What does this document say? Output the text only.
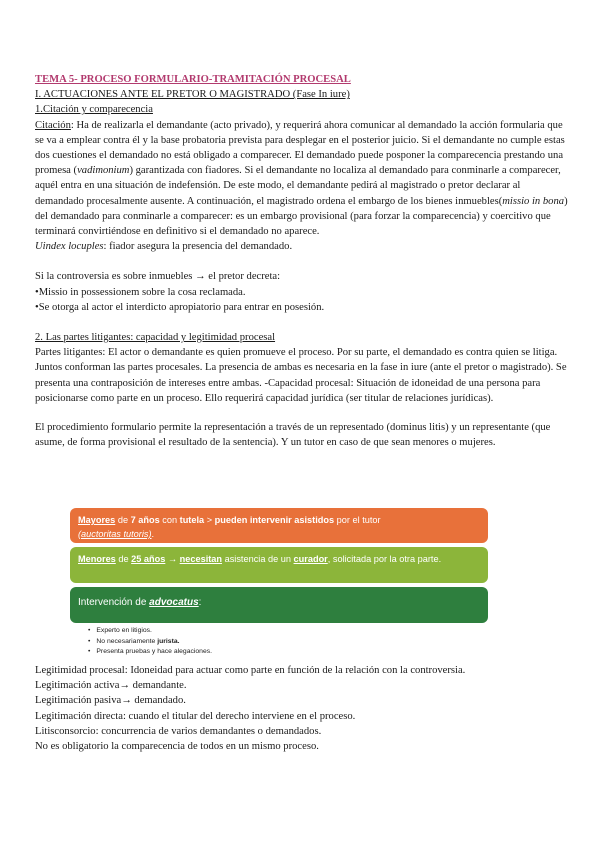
TEMA 5- PROCESO FORMULARIO-TRAMITACIÓN PROCESAL

I. ACTUACIONES ANTE EL PRETOR O MAGISTRADO (Fase In iure)

1.Citación y comparecencia

Citación: Ha de realizarla el demandante (acto privado), y requerirá ahora comunicar al demandado la acción formularia que se va a emplear contra él y la base probatoria prevista para desplegar en el posterior juicio. Si el demandante no cumple estas dos cuestiones el demandado no está obligado a comparecer. El demandado puede posponer la comparecencia prestando una promesa (vadimonium) garantizada con fiadores. Si el demandante no localiza al demandado para conminarle a comparecer, aquél entra en una situación de indefensión. De este modo, el demandante pedirá al magistrado o pretor declarar al demandado procesalmente ausente. A continuación, el magistrado ordena el embargo de los bienes inmuebles(missio in bona) del demandado para conminarle a comparecer: es un embargo provisional (para forzar la comparecencia) y coercitivo que terminará convirtiéndose en definitivo si el demandado no aparece.

Uindex locuples: fiador asegura la presencia del demandado.

Si la controversia es sobre inmuebles → el pretor decreta:

•Missio in possessionem sobre la cosa reclamada.

•Se otorga al actor el interdicto apropiatorio para entrar en posesión.

2. Las partes litigantes: capacidad y legitimidad procesal

Partes litigantes: El actor o demandante es quien promueve el proceso. Por su parte, el demandado es contra quien se litiga. Juntos conforman las partes procesales. La presencia de ambas es necesaria en la fase in iure (ante el pretor o magistrado). Se presenta una contraposición de intereses entre ambas. -Capacidad procesal: Situación de idoneidad de una persona para posicionarse como parte en un proceso. Ello requerirá capacidad jurídica (ser titular de relaciones jurídicas).

El procedimiento formulario permite la representación a través de un representado (dominus litis) y un representante (que asume, de forma provisional el resultado de la sentencia). Y un tutor en caso de que sean menores o mujeres.

Mayores de 7 años con tutela > pueden intervenir asistidos por el tutor
(auctoritas tutoris).
Menores de 25 años → necesitan asistencia de un curador, solicitada por la otra parte.
Intervención de advocatus:
• Experto en litigios.
• No necesariamente jurista.
• Presenta pruebas y hace alegaciones.

Legitimidad procesal: Idoneidad para actuar como parte en función de la relación con la controversia.

Legitimación activa→ demandante.

Legitimación pasiva→ demandado.

Legitimación directa: cuando el titular del derecho interviene en el proceso.

Litisconsorcio: concurrencia de varios demandantes o demandados.

No es obligatorio la comparecencia de todos en un mismo proceso.
